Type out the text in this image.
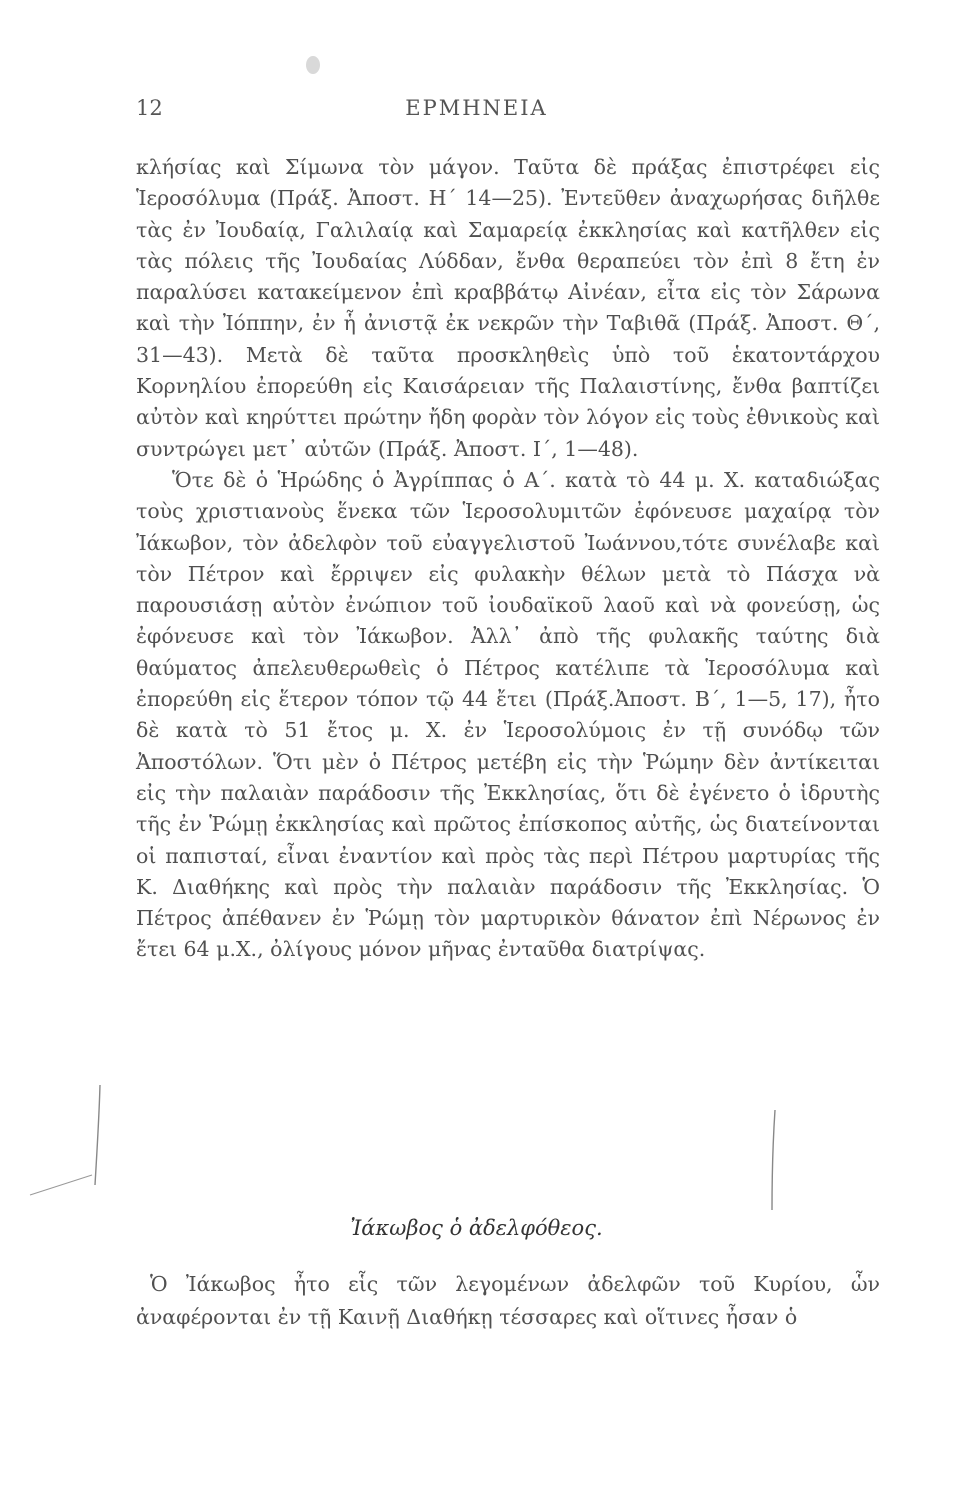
12	ΕΡΜΗΝΕΙΑ

κλήσίας καὶ Σίμωνα τὸν μάγον. Ταῦτα δὲ πράξας ἐπιστρέφει εἰς Ἱεροσόλυμα (Πράξ. Ἀποστ. Η΄ 14—25). Ἐντεῦθεν ἀναχωρήσας διῆλθε τὰς ἐν Ἰουδαίᾳ, Γαλιλαίᾳ καὶ Σαμαρείᾳ ἐκκλησίας καὶ κατῆλθεν εἰς τὰς πόλεις τῆς Ἰουδαίας Λύδδαν, ἔνθα θεραπεύει τὸν ἐπὶ 8 ἔτη ἐν παραλύσει κατακείμενον ἐπὶ κραββάτῳ Αἰνέαν, εἶτα εἰς τὸν Σάρωνα καὶ τὴν Ἰόππην, ἐν ἧ ἀνιστᾷ ἐκ νεκρῶν τὴν Ταβιθᾶ (Πράξ. Ἀποστ. Θ΄, 31—43). Μετὰ δὲ ταῦτα προσκληθεὶς ὑπὸ τοῦ ἑκατοντάρχου Κορνηλίου ἐπορεύθη εἰς Καισάρειαν τῆς Παλαιστίνης, ἔνθα βαπτίζει αὐτὸν καὶ κηρύττει πρώτην ἤδη φορὰν τὸν λόγον εἰς τοὺς ἐθνικοὺς καὶ συντρώγει μετ᾽ αὐτῶν (Πράξ. Ἀποστ. Ι΄, 1—48).

Ὅτε δὲ ὁ Ἡρώδης ὁ Ἀγρίππας ὁ Α΄. κατὰ τὸ 44 μ. Χ. καταδιώξας τοὺς χριστιανοὺς ἕνεκα τῶν Ἱεροσολυμιτῶν ἐφόνευσε μαχαίρᾳ τὸν Ἰάκωβον, τὸν ἀδελφὸν τοῦ εὐαγγελιστοῦ Ἰωάννου,τότε συνέλαβε καὶ τὸν Πέτρον καὶ ἔρριψεν εἰς φυλακὴν θέλων μετὰ τὸ Πάσχα νὰ παρουσιάσῃ αὐτὸν ἐνώπιον τοῦ ἰουδαϊκοῦ λαοῦ καὶ νὰ φονεύσῃ, ὡς ἐφόνευσε καὶ τὸν Ἰάκωβον. Ἀλλ᾽ ἀπὸ τῆς φυλακῆς ταύτης διὰ θαύματος ἀπελευθερωθεὶς ὁ Πέτρος κατέλιπε τὰ Ἱεροσόλυμα καὶ ἐπορεύθη εἰς ἕτερον τόπον τῷ 44 ἔτει (Πράξ.Ἀποστ. Β΄, 1—5, 17), ἦτο δὲ κατὰ τὸ 51 ἔτος μ. Χ. ἐν Ἱεροσολύμοις ἐν τῇ συνόδῳ τῶν Ἀποστόλων. Ὅτι μὲν ὁ Πέτρος μετέβη εἰς τὴν Ῥώμην δὲν ἀντίκειται εἰς τὴν παλαιὰν παράδοσιν τῆς Ἐκκλησίας, ὅτι δὲ ἐγένετο ὁ ἱδρυτὴς τῆς ἐν Ῥώμῃ ἐκκλησίας καὶ πρῶτος ἐπίσκοπος αὐτῆς, ὡς διατείνονται οἱ παπισταί, εἶναι ἐναντίον καὶ πρὸς τὰς περὶ Πέτρου μαρτυρίας τῆς Κ. Διαθήκης καὶ πρὸς τὴν παλαιὰν παράδοσιν τῆς Ἐκκλησίας. Ὁ Πέτρος ἀπέθανεν ἐν Ῥώμῃ τὸν μαρτυρικὸν θάνατον ἐπὶ Νέρωνος ἐν ἔτει 64 μ.Χ., ὀλίγους μόνον μῆνας ἐνταῦθα διατρίψας.

Ἰάκωβος ὁ ἀδελφόθεος.

Ὁ Ἰάκωβος ἦτο εἷς τῶν λεγομένων ἀδελφῶν τοῦ Κυρίου, ὧν ἀναφέρονται ἐν τῇ Καινῇ Διαθήκῃ τέσσαρες καὶ οἵτινες ἦσαν ὁ
